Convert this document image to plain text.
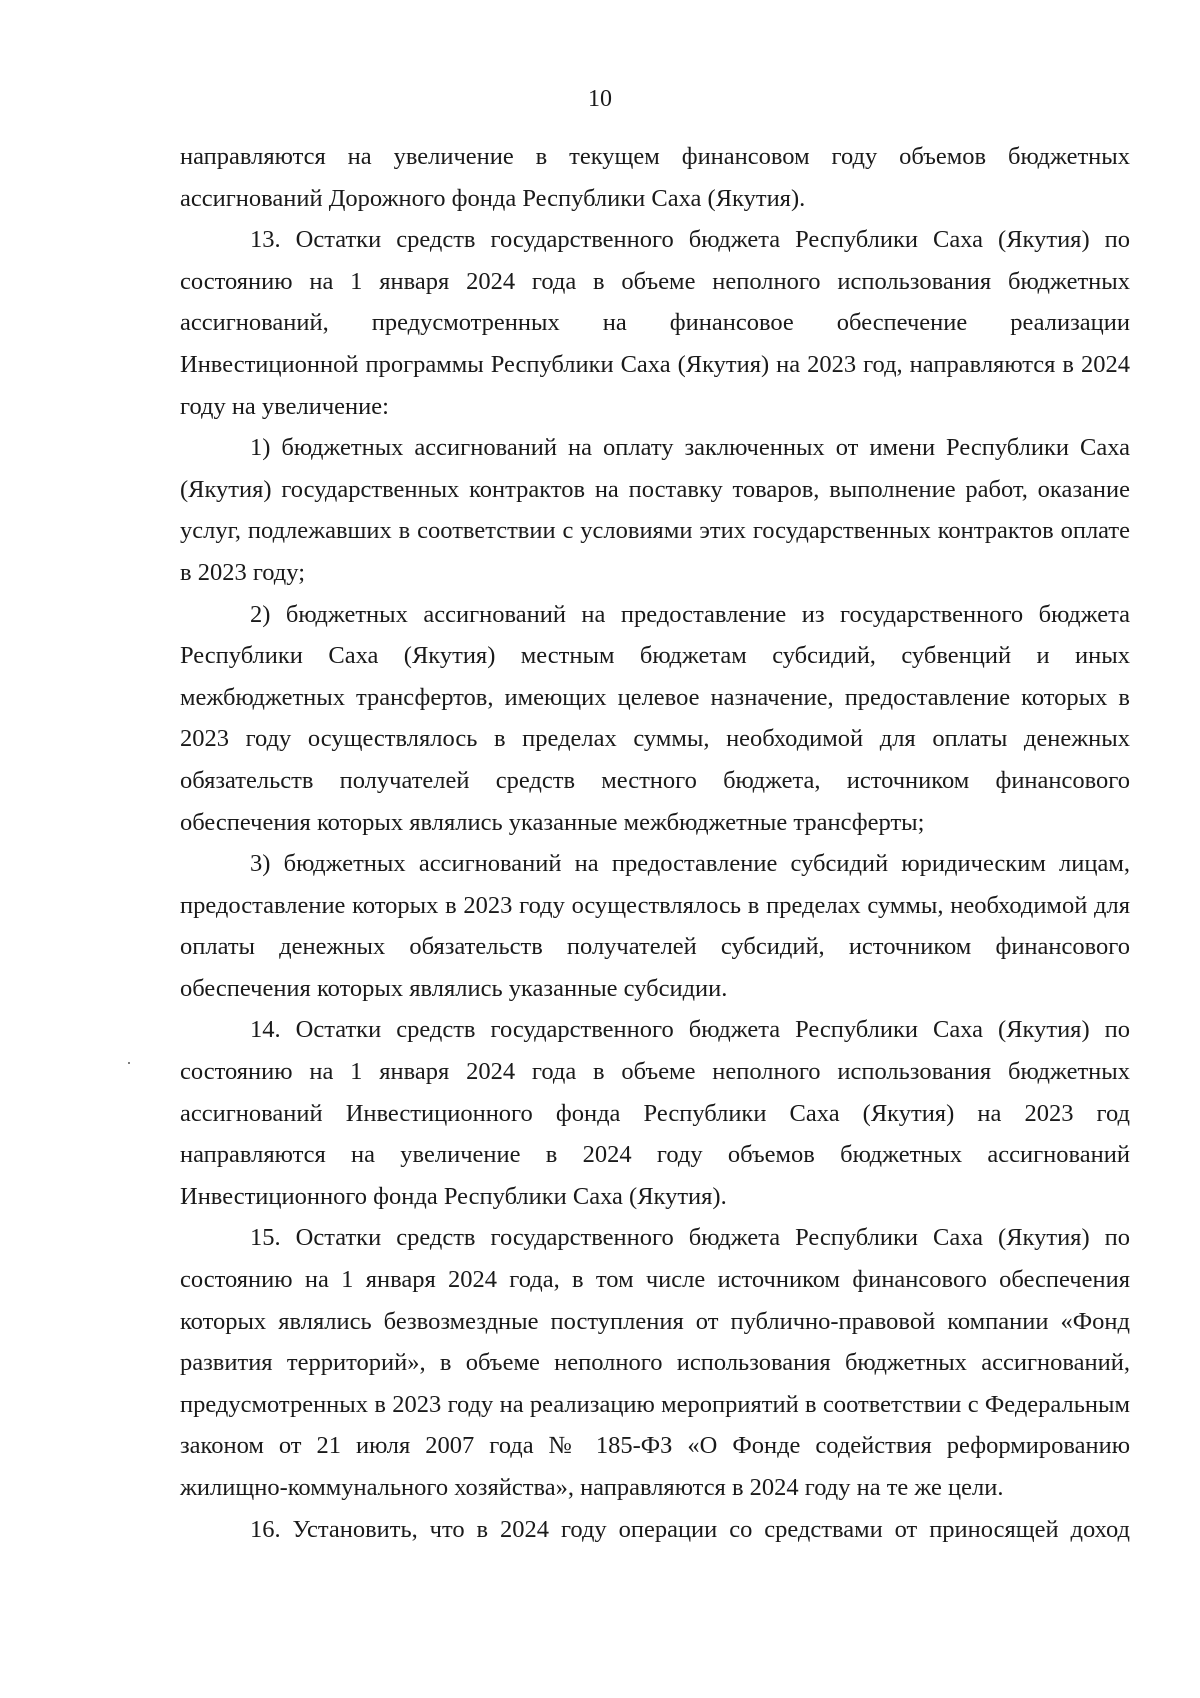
10

направляются на увеличение в текущем финансовом году объемов бюджетных ассигнований Дорожного фонда Республики Саха (Якутия).

13. Остатки средств государственного бюджета Республики Саха (Якутия) по состоянию на 1 января 2024 года в объеме неполного использования бюджетных ассигнований, предусмотренных на финансовое обеспечение реализации Инвестиционной программы Республики Саха (Якутия) на 2023 год, направляются в 2024 году на увеличение:

1) бюджетных ассигнований на оплату заключенных от имени Республики Саха (Якутия) государственных контрактов на поставку товаров, выполнение работ, оказание услуг, подлежавших в соответствии с условиями этих государственных контрактов оплате в 2023 году;

2) бюджетных ассигнований на предоставление из государственного бюджета Республики Саха (Якутия) местным бюджетам субсидий, субвенций и иных межбюджетных трансфертов, имеющих целевое назначение, предоставление которых в 2023 году осуществлялось в пределах суммы, необходимой для оплаты денежных обязательств получателей средств местного бюджета, источником финансового обеспечения которых являлись указанные межбюджетные трансферты;

3) бюджетных ассигнований на предоставление субсидий юридическим лицам, предоставление которых в 2023 году осуществлялось в пределах суммы, необходимой для оплаты денежных обязательств получателей субсидий, источником финансового обеспечения которых являлись указанные субсидии.

14. Остатки средств государственного бюджета Республики Саха (Якутия) по состоянию на 1 января 2024 года в объеме неполного использования бюджетных ассигнований Инвестиционного фонда Республики Саха (Якутия) на 2023 год направляются на увеличение в 2024 году объемов бюджетных ассигнований Инвестиционного фонда Республики Саха (Якутия).

15. Остатки средств государственного бюджета Республики Саха (Якутия) по состоянию на 1 января 2024 года, в том числе источником финансового обеспечения которых являлись безвозмездные поступления от публично-правовой компании «Фонд развития территорий», в объеме неполного использования бюджетных ассигнований, предусмотренных в 2023 году на реализацию мероприятий в соответствии с Федеральным законом от 21 июля 2007 года № 185-ФЗ «О Фонде содействия реформированию жилищно-коммунального хозяйства», направляются в 2024 году на те же цели.

16. Установить, что в 2024 году операции со средствами от приносящей доход
